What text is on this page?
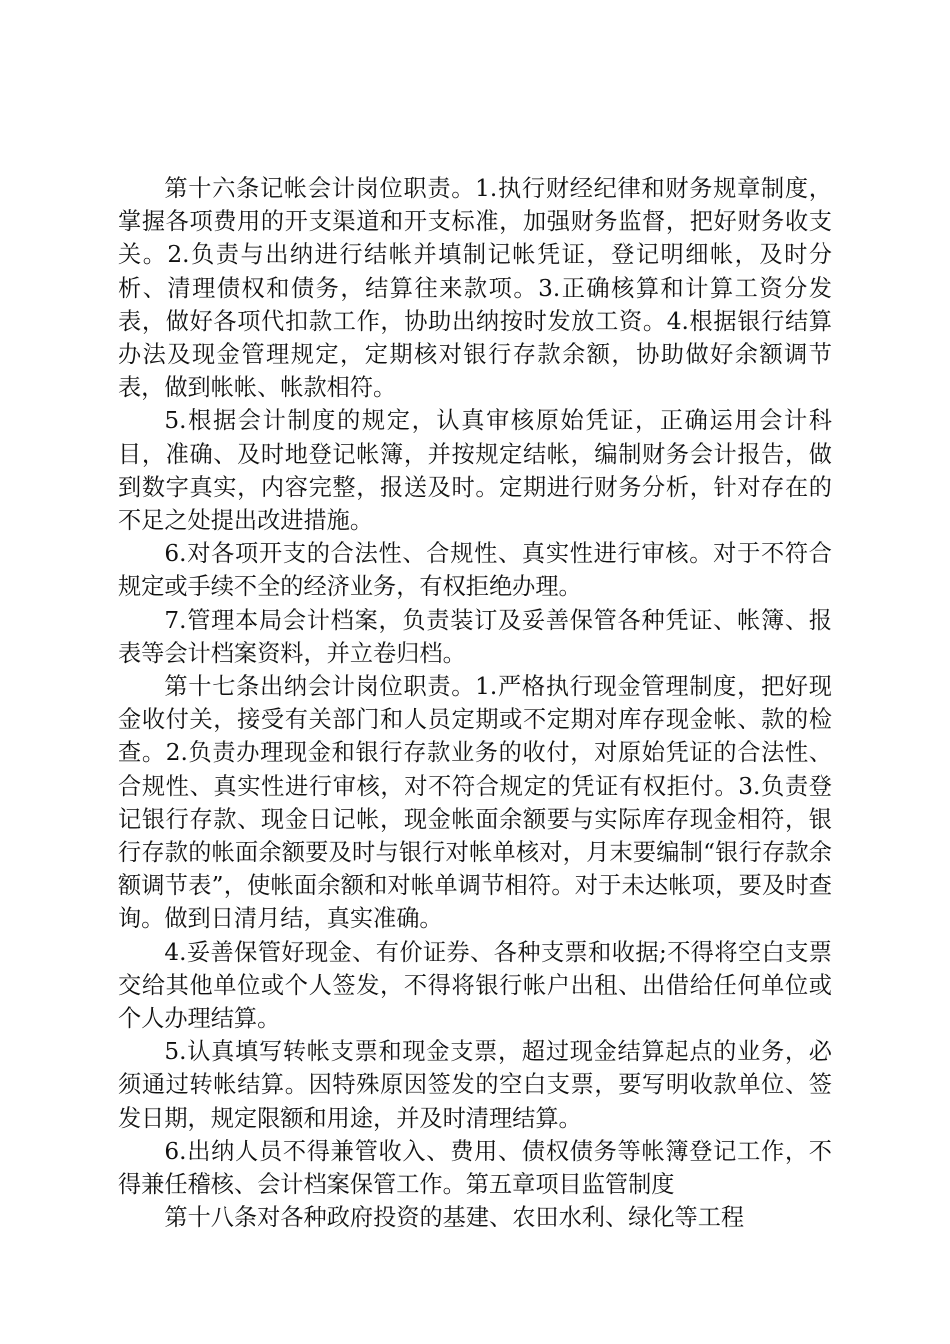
第十六条记帐会计岗位职责。1.执行财经纪律和财务规章制度，掌握各项费用的开支渠道和开支标准，加强财务监督，把好财务收支关。2.负责与出纳进行结帐并填制记帐凭证，登记明细帐，及时分析、清理债权和债务，结算往来款项。3.正确核算和计算工资分发表，做好各项代扣款工作，协助出纳按时发放工资。4.根据银行结算办法及现金管理规定，定期核对银行存款余额，协助做好余额调节表，做到帐帐、帐款相符。

5.根据会计制度的规定，认真审核原始凭证，正确运用会计科目，准确、及时地登记帐簿，并按规定结帐，编制财务会计报告，做到数字真实，内容完整，报送及时。定期进行财务分析，针对存在的不足之处提出改进措施。

6.对各项开支的合法性、合规性、真实性进行审核。对于不符合规定或手续不全的经济业务，有权拒绝办理。

7.管理本局会计档案，负责装订及妥善保管各种凭证、帐簿、报表等会计档案资料，并立卷归档。

第十七条出纳会计岗位职责。1.严格执行现金管理制度，把好现金收付关，接受有关部门和人员定期或不定期对库存现金帐、款的检查。2.负责办理现金和银行存款业务的收付，对原始凭证的合法性、合规性、真实性进行审核，对不符合规定的凭证有权拒付。3.负责登记银行存款、现金日记帐，现金帐面余额要与实际库存现金相符，银行存款的帐面余额要及时与银行对帐单核对，月末要编制“银行存款余额调节表”，使帐面余额和对帐单调节相符。对于未达帐项，要及时查询。做到日清月结，真实准确。

4.妥善保管好现金、有价证券、各种支票和收据;不得将空白支票交给其他单位或个人签发，不得将银行帐户出租、出借给任何单位或个人办理结算。

5.认真填写转帐支票和现金支票，超过现金结算起点的业务，必须通过转帐结算。因特殊原因签发的空白支票，要写明收款单位、签发日期，规定限额和用途，并及时清理结算。

6.出纳人员不得兼管收入、费用、债权债务等帐簿登记工作，不得兼任稽核、会计档案保管工作。第五章项目监管制度

第十八条对各种政府投资的基建、农田水利、绿化等工程
